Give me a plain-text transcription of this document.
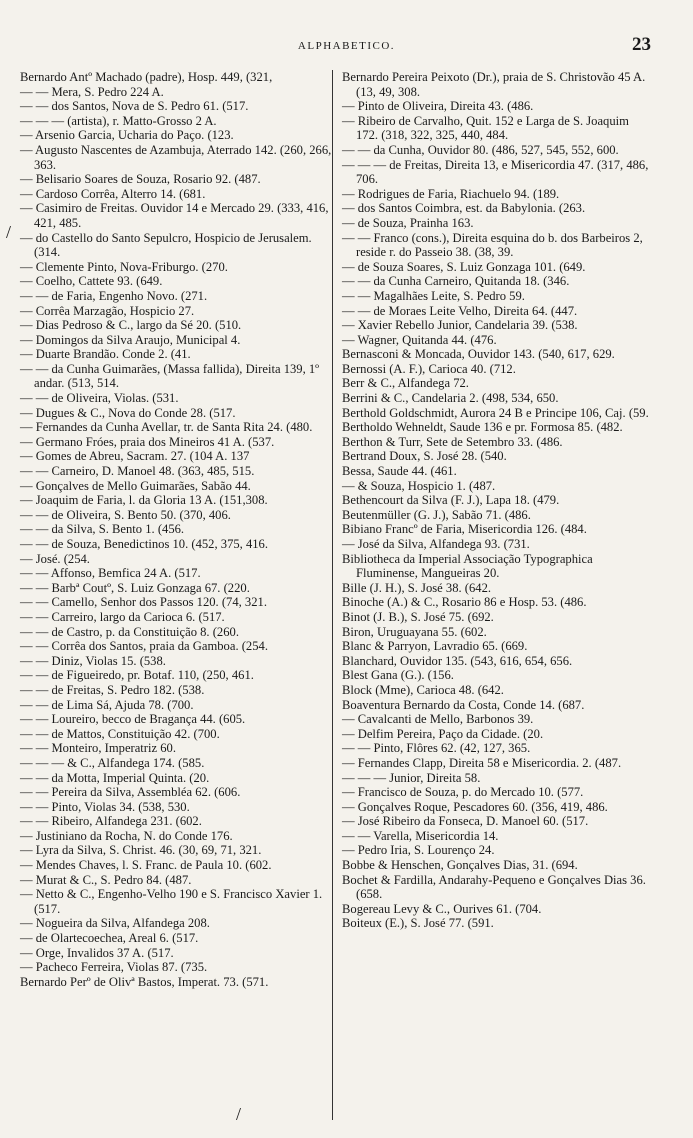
ALPHABETICO.	23

Bernardo Antº Machado (padre), Hosp. 449, (321,

— — Mera, S. Pedro 224 A.

— — dos Santos, Nova de S. Pedro 61. (517.

— — — (artista), r. Matto-Grosso 2 A.

— Arsenio Garcia, Ucharia do Paço. (123.

— Augusto Nascentes de Azambuja, Aterrado 142. (260, 266, 363.

— Belisario Soares de Souza, Rosario 92. (487.

— Cardoso Corrêa, Alterro 14. (681.

— Casimiro de Freitas. Ouvidor 14 e Mercado 29. (333, 416, 421, 485.

— do Castello do Santo Sepulcro, Hospicio de Jerusalem. (314.

— Clemente Pinto, Nova-Friburgo. (270.

— Coelho, Cattete 93. (649.

— — de Faria, Engenho Novo. (271.

— Corrêa Marzagão, Hospicio 27.

— Dias Pedroso & C., largo da Sé 20. (510.

— Domingos da Silva Araujo, Municipal 4.

— Duarte Brandão. Conde 2. (41.

— — da Cunha Guimarães, (Massa fallida), Direita 139, 1º andar. (513, 514.

— — de Oliveira, Violas. (531.

— Dugues & C., Nova do Conde 28. (517.

— Fernandes da Cunha Avellar, tr. de Santa Rita 24. (480.

— Germano Fróes, praia dos Mineiros 41 A. (537.

— Gomes de Abreu, Sacram. 27. (104 A. 137

— — Carneiro, D. Manoel 48. (363, 485, 515.

— Gonçalves de Mello Guimarães, Sabão 44.

— Joaquim de Faria, l. da Gloria 13 A. (151,308.

— — de Oliveira, S. Bento 50. (370, 406.

— — da Silva, S. Bento 1. (456.

— — de Souza, Benedictinos 10. (452, 375, 416.

— José. (254.

— — Affonso, Bemfica 24 A. (517.

— — Barbª Coutº, S. Luiz Gonzaga 67. (220.

— — Camello, Senhor dos Passos 120. (74, 321.

— — Carreiro, largo da Carioca 6. (517.

— — de Castro, p. da Constituição 8. (260.

— — Corrêa dos Santos, praia da Gamboa. (254.

— — Diniz, Violas 15. (538.

— — de Figueiredo, pr. Botaf. 110, (250, 461.

— — de Freitas, S. Pedro 182. (538.

— — de Lima Sá, Ajuda 78. (700.

— — Loureiro, becco de Bragança 44. (605.

— — de Mattos, Constituição 42. (700.

— — Monteiro, Imperatriz 60.

— — — & C., Alfandega 174. (585.

— — da Motta, Imperial Quinta. (20.

— — Pereira da Silva, Assembléa 62. (606.

— — Pinto, Violas 34. (538, 530.

— — Ribeiro, Alfandega 231. (602.

— Justiniano da Rocha, N. do Conde 176.

— Lyra da Silva, S. Christ. 46. (30, 69, 71, 321.

— Mendes Chaves, l. S. Franc. de Paula 10. (602.

— Murat & C., S. Pedro 84. (487.

— Netto & C., Engenho-Velho 190 e S. Francisco Xavier 1. (517.

— Nogueira da Silva, Alfandega 208.

— de Olartecoechea, Areal 6. (517.

— Orge, Invalidos 37 A. (517.

— Pacheco Ferreira, Violas 87. (735.

Bernardo Perº de Olivª Bastos, Imperat. 73. (571.

Bernardo Pereira Peixoto (Dr.), praia de S. Christovão 45 A. (13, 49, 308.

— Pinto de Oliveira, Direita 43. (486.

— Ribeiro de Carvalho, Quit. 152 e Larga de S. Joaquim 172. (318, 322, 325, 440, 484.

— — da Cunha, Ouvidor 80. (486, 527, 545, 552, 600.

— — — de Freitas, Direita 13, e Misericordia 47. (317, 486, 706.

— Rodrigues de Faria, Riachuelo 94. (189.

— dos Santos Coimbra, est. da Babylonia. (263.

— de Souza, Prainha 163.

— — Franco (cons.), Direita esquina do b. dos Barbeiros 2, reside r. do Passeio 38. (38, 39.

— de Souza Soares, S. Luiz Gonzaga 101. (649.

— — da Cunha Carneiro, Quitanda 18. (346.

— — Magalhães Leite, S. Pedro 59.

— — de Moraes Leite Velho, Direita 64. (447.

— Xavier Rebello Junior, Candelaria 39. (538.

— Wagner, Quitanda 44. (476.

Bernasconi & Moncada, Ouvidor 143. (540, 617, 629.

Bernossi (A. F.), Carioca 40. (712.

Berr & C., Alfandega 72.

Berrini & C., Candelaria 2. (498, 534, 650.

Berthold Goldschmidt, Aurora 24 B e Principe 106, Caj. (59.

Bertholdo Wehneldt, Saude 136 e pr. Formosa 85. (482.

Berthon & Turr, Sete de Setembro 33. (486.

Bertrand Doux, S. José 28. (540.

Bessa, Saude 44. (461.

— & Souza, Hospicio 1. (487.

Bethencourt da Silva (F. J.), Lapa 18. (479.

Beutenmüller (G. J.), Sabão 71. (486.

Bibiano Francº de Faria, Misericordia 126. (484.

— José da Silva, Alfandega 93. (731.

Bibliotheca da Imperial Associação Typographica Fluminense, Mangueiras 20.

Bille (J. H.), S. José 38. (642.

Binoche (A.) & C., Rosario 86 e Hosp. 53. (486.

Binot (J. B.), S. José 75. (692.

Biron, Uruguayana 55. (602.

Blanc & Parryon, Lavradio 65. (669.

Blanchard, Ouvidor 135. (543, 616, 654, 656.

Blest Gana (G.). (156.

Block (Mme), Carioca 48. (642.

Boaventura Bernardo da Costa, Conde 14. (687.

— Cavalcanti de Mello, Barbonos 39.

— Delfim Pereira, Paço da Cidade. (20.

— — Pinto, Flôres 62. (42, 127, 365.

— Fernandes Clapp, Direita 58 e Misericordia. 2. (487.

— — — Junior, Direita 58.

— Francisco de Souza, p. do Mercado 10. (577.

— Gonçalves Roque, Pescadores 60. (356, 419, 486.

— José Ribeiro da Fonseca, D. Manoel 60. (517.

— — Varella, Misericordia 14.

— Pedro Iria, S. Lourenço 24.

Bobbe & Henschen, Gonçalves Dias, 31. (694.

Bochet & Fardilla, Andarahy-Pequeno e Gonçalves Dias 36. (658.

Bogereau Levy & C., Ourives 61. (704.

Boiteux (E.), S. José 77. (591.

/
/
